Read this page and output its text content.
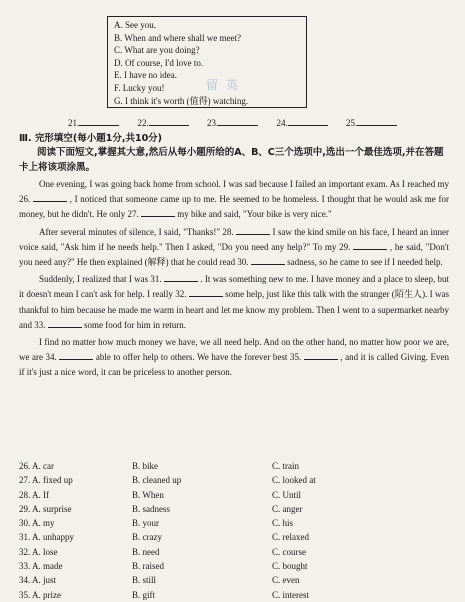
A. See you.
B. When and where shall we meet?
C. What are you doing?
D. Of course, I'd love to.
E. I have no idea.
F. Lucky you!
G. I think it's worth (值得) watching.
留 英
21.	22.	23.	24.	25.
Ⅲ. 完形填空(每小题1分,共10分)
阅读下面短文,掌握其大意,然后从每小题所给的A、B、C三个选项中,选出一个最佳选项,并在答题卡上将该项涂黑。

One evening, I was going back home from school. I was sad because I failed an important exam. As I reached my 26.	, I noticed that someone came up to me. He seemed to be homeless. I thought that he would ask me for money, but he didn't. He only 27.	my bike and said, "Your bike is very nice."

After several minutes of silence, I said, "Thanks!" 28.	I saw the kind smile on his face, I heard an inner voice said, "Ask him if he needs help." Then I asked, "Do you need any help?" To my 29.	, he said, "Don't you need any?" He then explained (解释) that he could read 30.	sadness, so he came to see if I needed help.

Suddenly, I realized that I was 31.	. It was something new to me. I have money and a place to sleep, but it doesn't mean I can't ask for help. I really 32.	some help, just like this talk with the stranger (陌生人). I was thankful to him because he made me warm in heart and let me know my problem. Then I went to a supermarket nearby and 33.	some food for him in return.

I find no matter how much money we have, we all need help. And on the other hand, no matter how poor we are, we are 34.	able to offer help to others. We have the forever best 35.	, and it is called Giving. Even if it's just a nice word, it can be priceless to another person.

26. A. car	B. bike	C. train
27. A. fixed up	B. cleaned up	C. looked at
28. A. If	B. When	C. Until
29. A. surprise	B. sadness	C. anger
30. A. my	B. your	C. his
31. A. unhappy	B. crazy	C. relaxed
32. A. lose	B. need	C. course
33. A. made	B. raised	C. bought
34. A. just	B. still	C. even
35. A. prize	B. gift	C. interest
